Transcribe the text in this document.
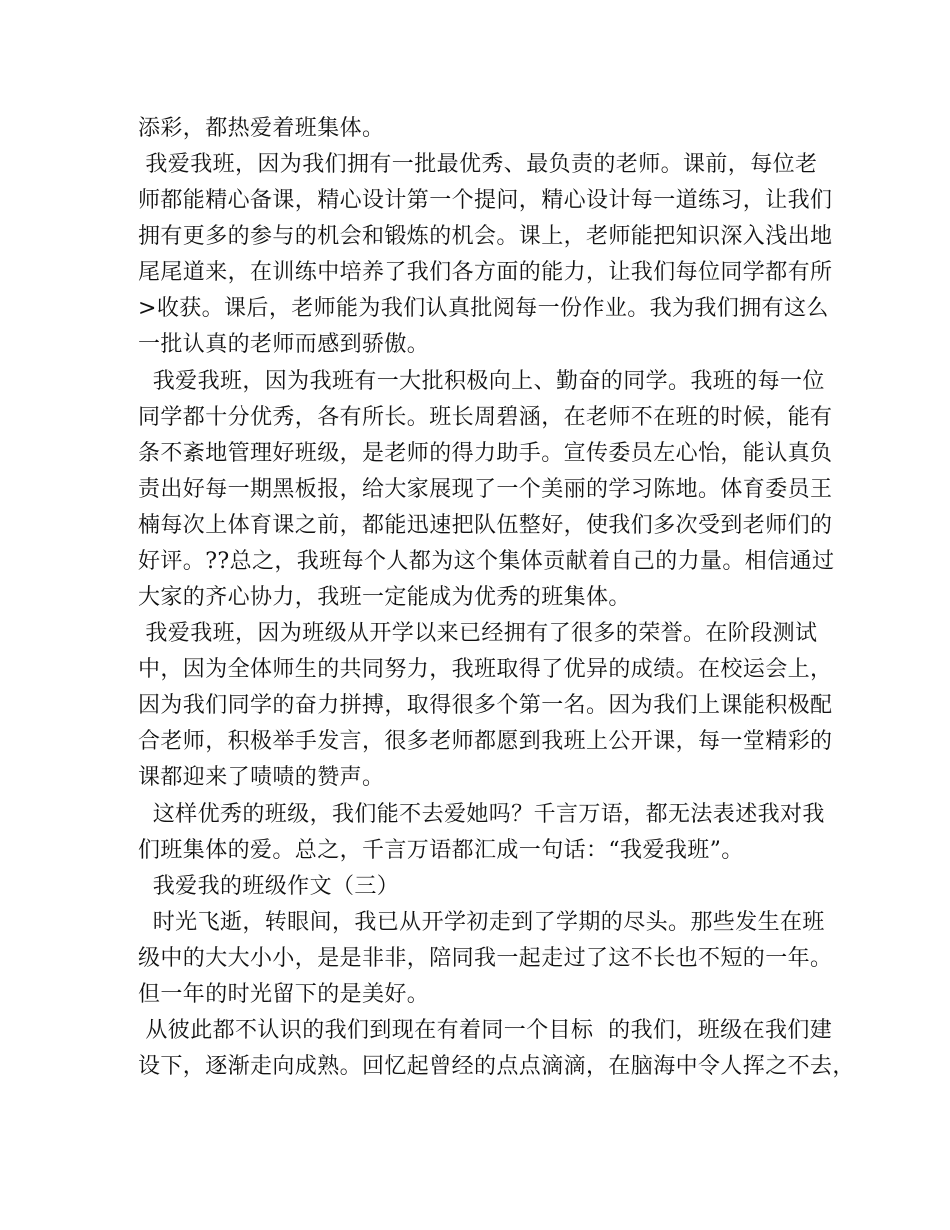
添彩，都热爱着班集体。
我爱我班，因为我们拥有一批最优秀、最负责的老师。课前，每位老
师都能精心备课，精心设计第一个提问，精心设计每一道练习，让我们
拥有更多的参与的机会和锻炼的机会。课上，老师能把知识深入浅出地
尾尾道来，在训练中培养了我们各方面的能力，让我们每位同学都有所
>收获。课后，老师能为我们认真批阅每一份作业。我为我们拥有这么
一批认真的老师而感到骄傲。
我爱我班，因为我班有一大批积极向上、勤奋的同学。我班的每一位
同学都十分优秀，各有所长。班长周碧涵，在老师不在班的时候，能有
条不紊地管理好班级，是老师的得力助手。宣传委员左心怡，能认真负
责出好每一期黑板报，给大家展现了一个美丽的学习陈地。体育委员王
楠每次上体育课之前，都能迅速把队伍整好，使我们多次受到老师们的
好评。??总之，我班每个人都为这个集体贡献着自己的力量。相信通过
大家的齐心协力，我班一定能成为优秀的班集体。
我爱我班，因为班级从开学以来已经拥有了很多的荣誉。在阶段测试
中，因为全体师生的共同努力，我班取得了优异的成绩。在校运会上，
因为我们同学的奋力拼搏，取得很多个第一名。因为我们上课能积极配
合老师，积极举手发言，很多老师都愿到我班上公开课，每一堂精彩的
课都迎来了啧啧的赞声。
这样优秀的班级，我们能不去爱她吗？千言万语，都无法表述我对我
们班集体的爱。总之，千言万语都汇成一句话：“我爱我班”。
我爱我的班级作文（三）
时光飞逝，转眼间，我已从开学初走到了学期的尽头。那些发生在班
级中的大大小小，是是非非，陪同我一起走过了这不长也不短的一年。
但一年的时光留下的是美好。
从彼此都不认识的我们到现在有着同一个目标  的我们，班级在我们建
设下，逐渐走向成熟。回忆起曾经的点点滴滴，在脑海中令人挥之不去，
